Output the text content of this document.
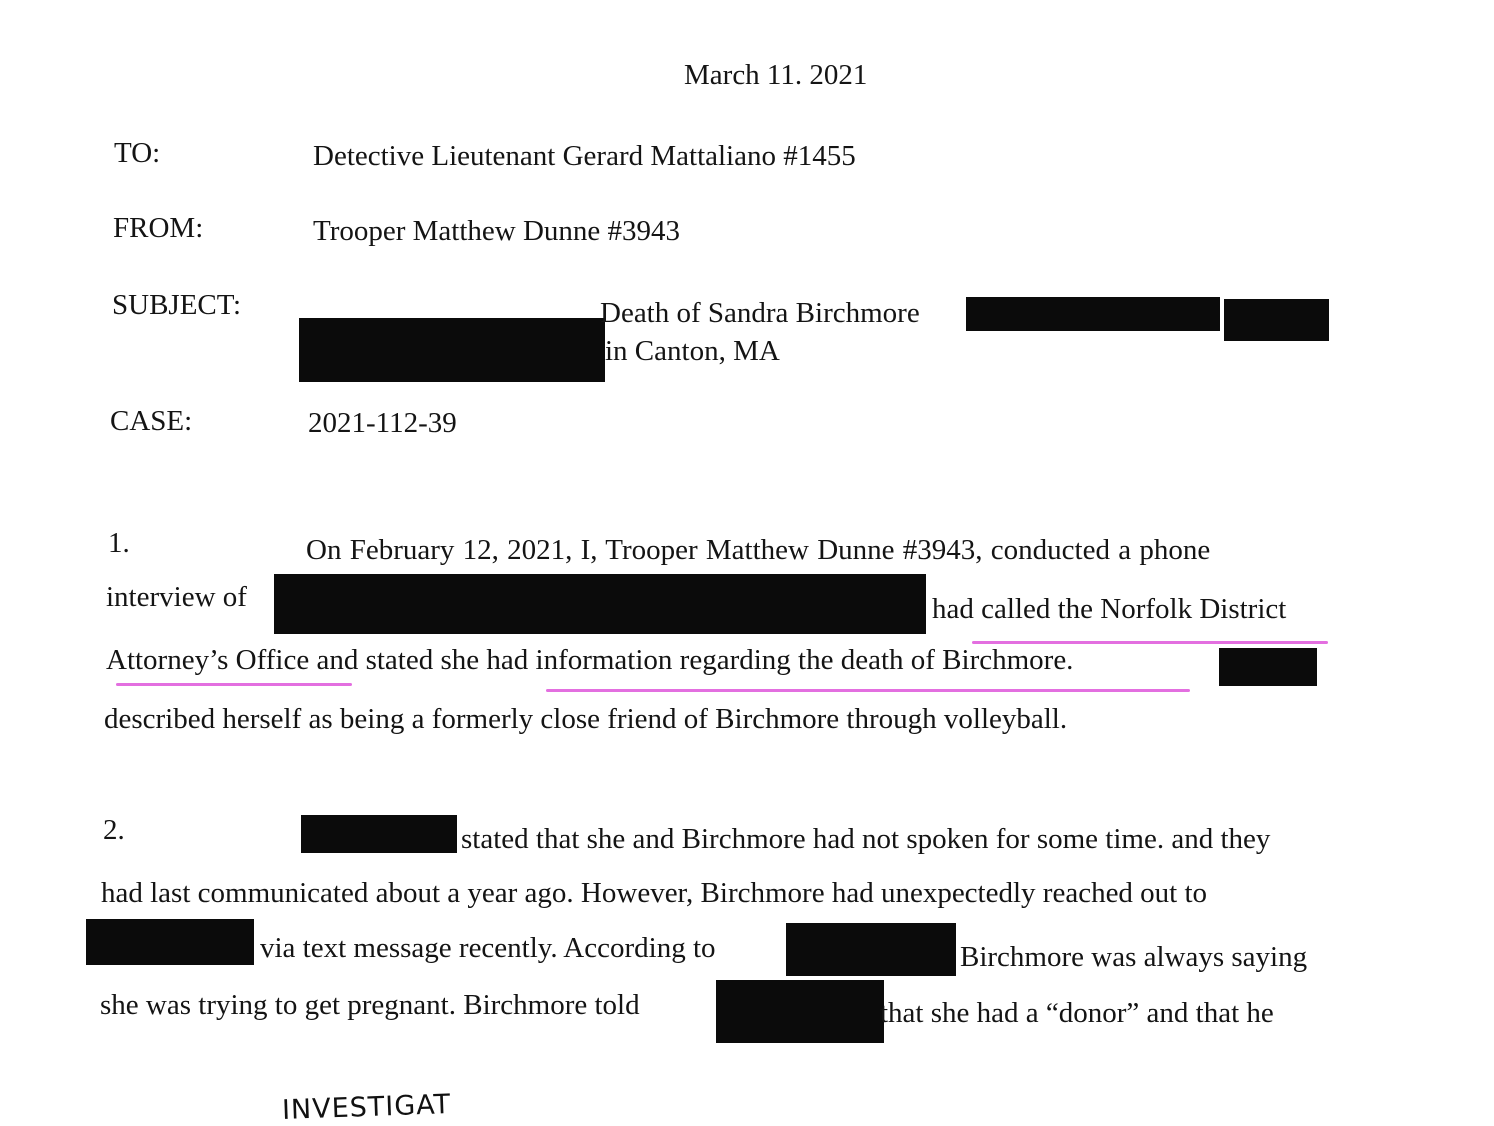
March 11. 2021
TO:	Detective Lieutenant Gerard Mattaliano #1455
FROM:	Trooper Matthew Dunne #3943
SUBJECT:	Death of Sandra Birchmore
in Canton, MA
CASE:	2021-112-39
1.	On February 12, 2021, I, Trooper Matthew Dunne #3943, conducted a phone
interview of	had called the Norfolk District
Attorney’s Office and stated she had information regarding the death of Birchmore.
described herself as being a formerly close friend of Birchmore through volleyball.
2.	stated that she and Birchmore had not spoken for some time. and they
had last communicated about a year ago. However, Birchmore had unexpectedly reached out to
via text message recently. According to	Birchmore was always saying
she was trying to get pregnant. Birchmore told	that she had a “donor” and that he
INVESTIGAT
